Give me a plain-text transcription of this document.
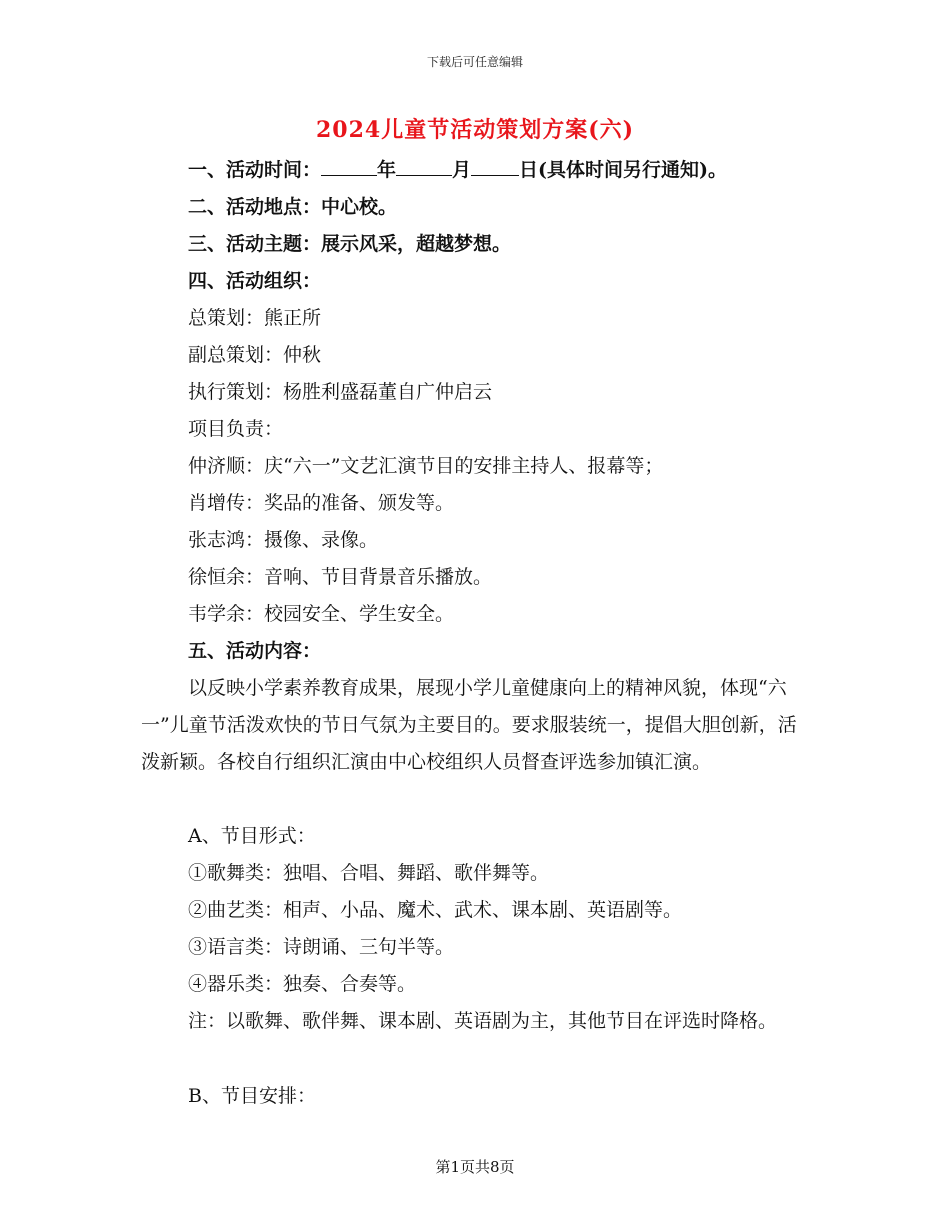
下载后可任意编辑
2024儿童节活动策划方案(六)
一、活动时间：	年	月	日(具体时间另行通知)。
二、活动地点：中心校。
三、活动主题：展示风采，超越梦想。
四、活动组织：
总策划：熊正所
副总策划：仲秋
执行策划：杨胜利盛磊董自广仲启云
项目负责：
仲济顺：庆“六一”文艺汇演节目的安排主持人、报幕等；
肖增传：奖品的准备、颁发等。
张志鸿：摄像、录像。
徐恒余：音响、节目背景音乐播放。
韦学余：校园安全、学生安全。
五、活动内容：
以反映小学素养教育成果，展现小学儿童健康向上的精神风貌，体现“六一”儿童节活泼欢快的节日气氛为主要目的。要求服装统一，提倡大胆创新，活泼新颖。各校自行组织汇演由中心校组织人员督查评选参加镇汇演。
A、节目形式：
①歌舞类：独唱、合唱、舞蹈、歌伴舞等。
②曲艺类：相声、小品、魔术、武术、课本剧、英语剧等。
③语言类：诗朗诵、三句半等。
④器乐类：独奏、合奏等。
注：以歌舞、歌伴舞、课本剧、英语剧为主，其他节目在评选时降格。
B、节目安排：
第1页共8页
